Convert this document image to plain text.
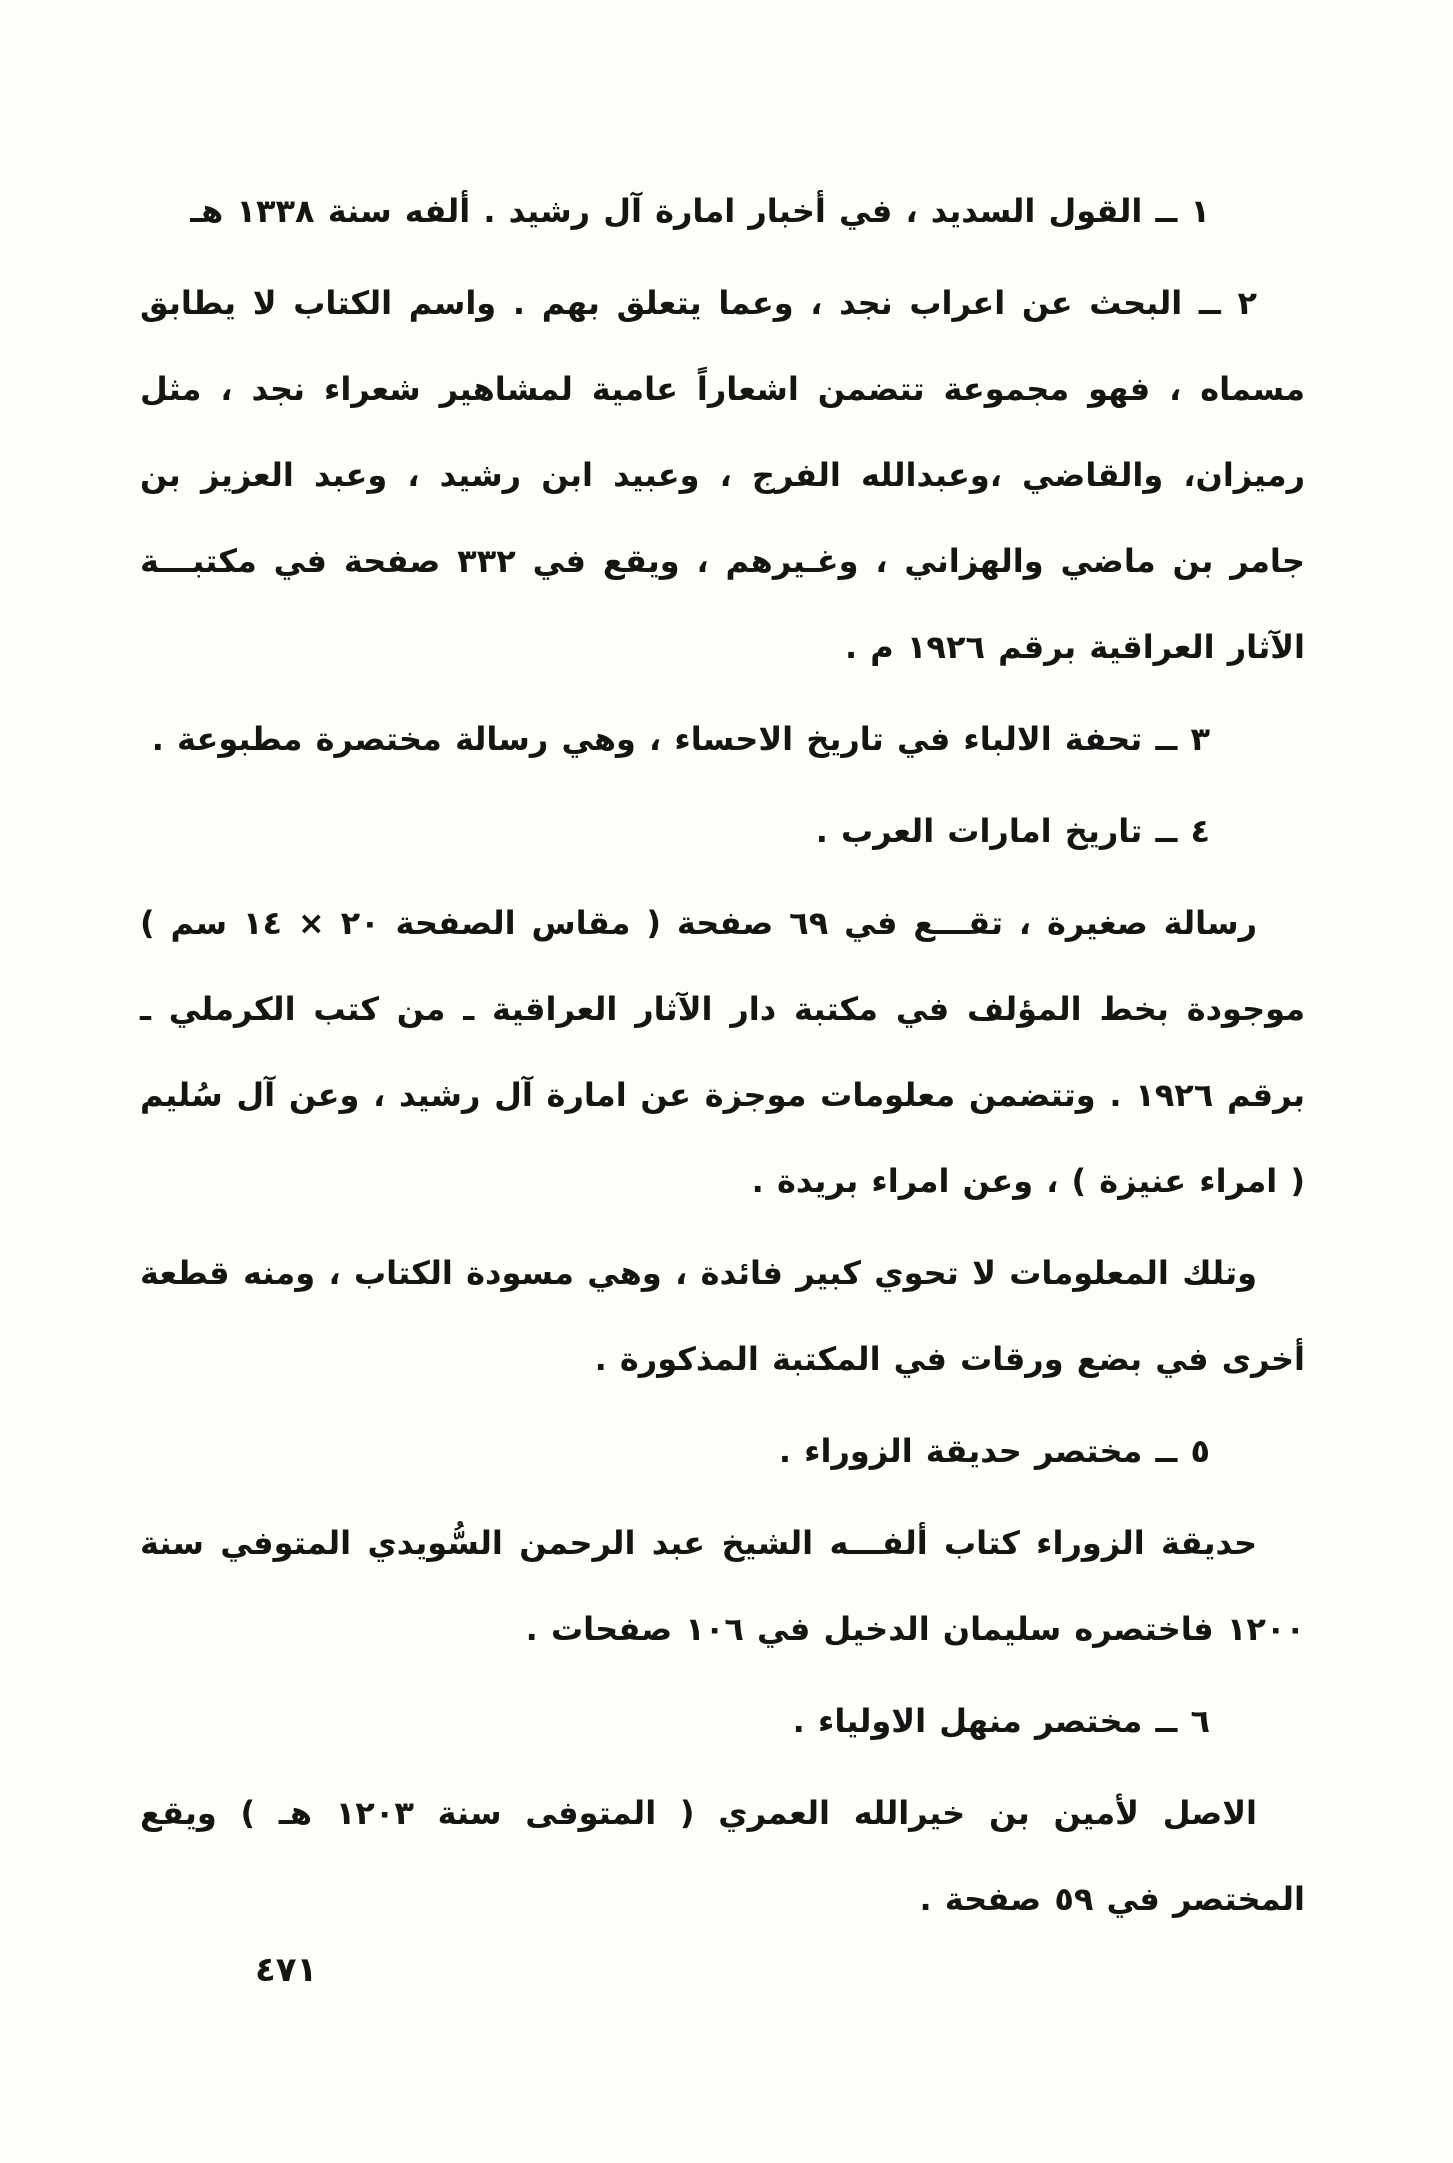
١ ــ القول السديد ، في أخبار امارة آل رشيد . ألفه سنة ١٣٣٨ هـ
٢ ــ البحث عن اعراب نجد ، وعما يتعلق بهم . واسم الكتاب لا يطابق مسماه ، فهو مجموعة تتضمن اشعاراً عامية لمشاهير شعراء نجد ، مثل رميزان، والقاضي ،وعبدالله الفرج ، وعبيد ابن رشيد ، وعبد العزيز بن جامر بن ماضي والهزاني ، وغـيرهم ، ويقع في ٣٣٢ صفحة في مكتبـــة الآثار العراقية برقم ١٩٢٦ م .
٣ ــ تحفة الالباء في تاريخ الاحساء ، وهي رسالة مختصرة مطبوعة .
٤ ــ تاريخ امارات العرب .
رسالة صغيرة ، تقـــع في ٦٩ صفحة ( مقاس الصفحة ٢٠ × ١٤ سم ) موجودة بخط المؤلف في مكتبة دار الآثار العراقية ـ من كتب الكرملي ـ برقم ١٩٢٦ . وتتضمن معلومات موجزة عن امارة آل رشيد ، وعن آل سُليم ( امراء عنيزة ) ، وعن امراء بريدة .
وتلك المعلومات لا تحوي كبير فائدة ، وهي مسودة الكتاب ، ومنه قطعة أخرى في بضع ورقات في المكتبة المذكورة .
٥ ــ مختصر حديقة الزوراء .
حديقة الزوراء كتاب ألفـــه الشيخ عبد الرحمن السُّويدي المتوفي سنة ١٢٠٠ فاختصره سليمان الدخيل في ١٠٦ صفحات .
٦ ــ مختصر منهل الاولياء .
الاصل لأمين بن خيرالله العمري ( المتوفى سنة ١٢٠٣ هـ ) ويقع المختصر في ٥٩ صفحة .
٤٧١
